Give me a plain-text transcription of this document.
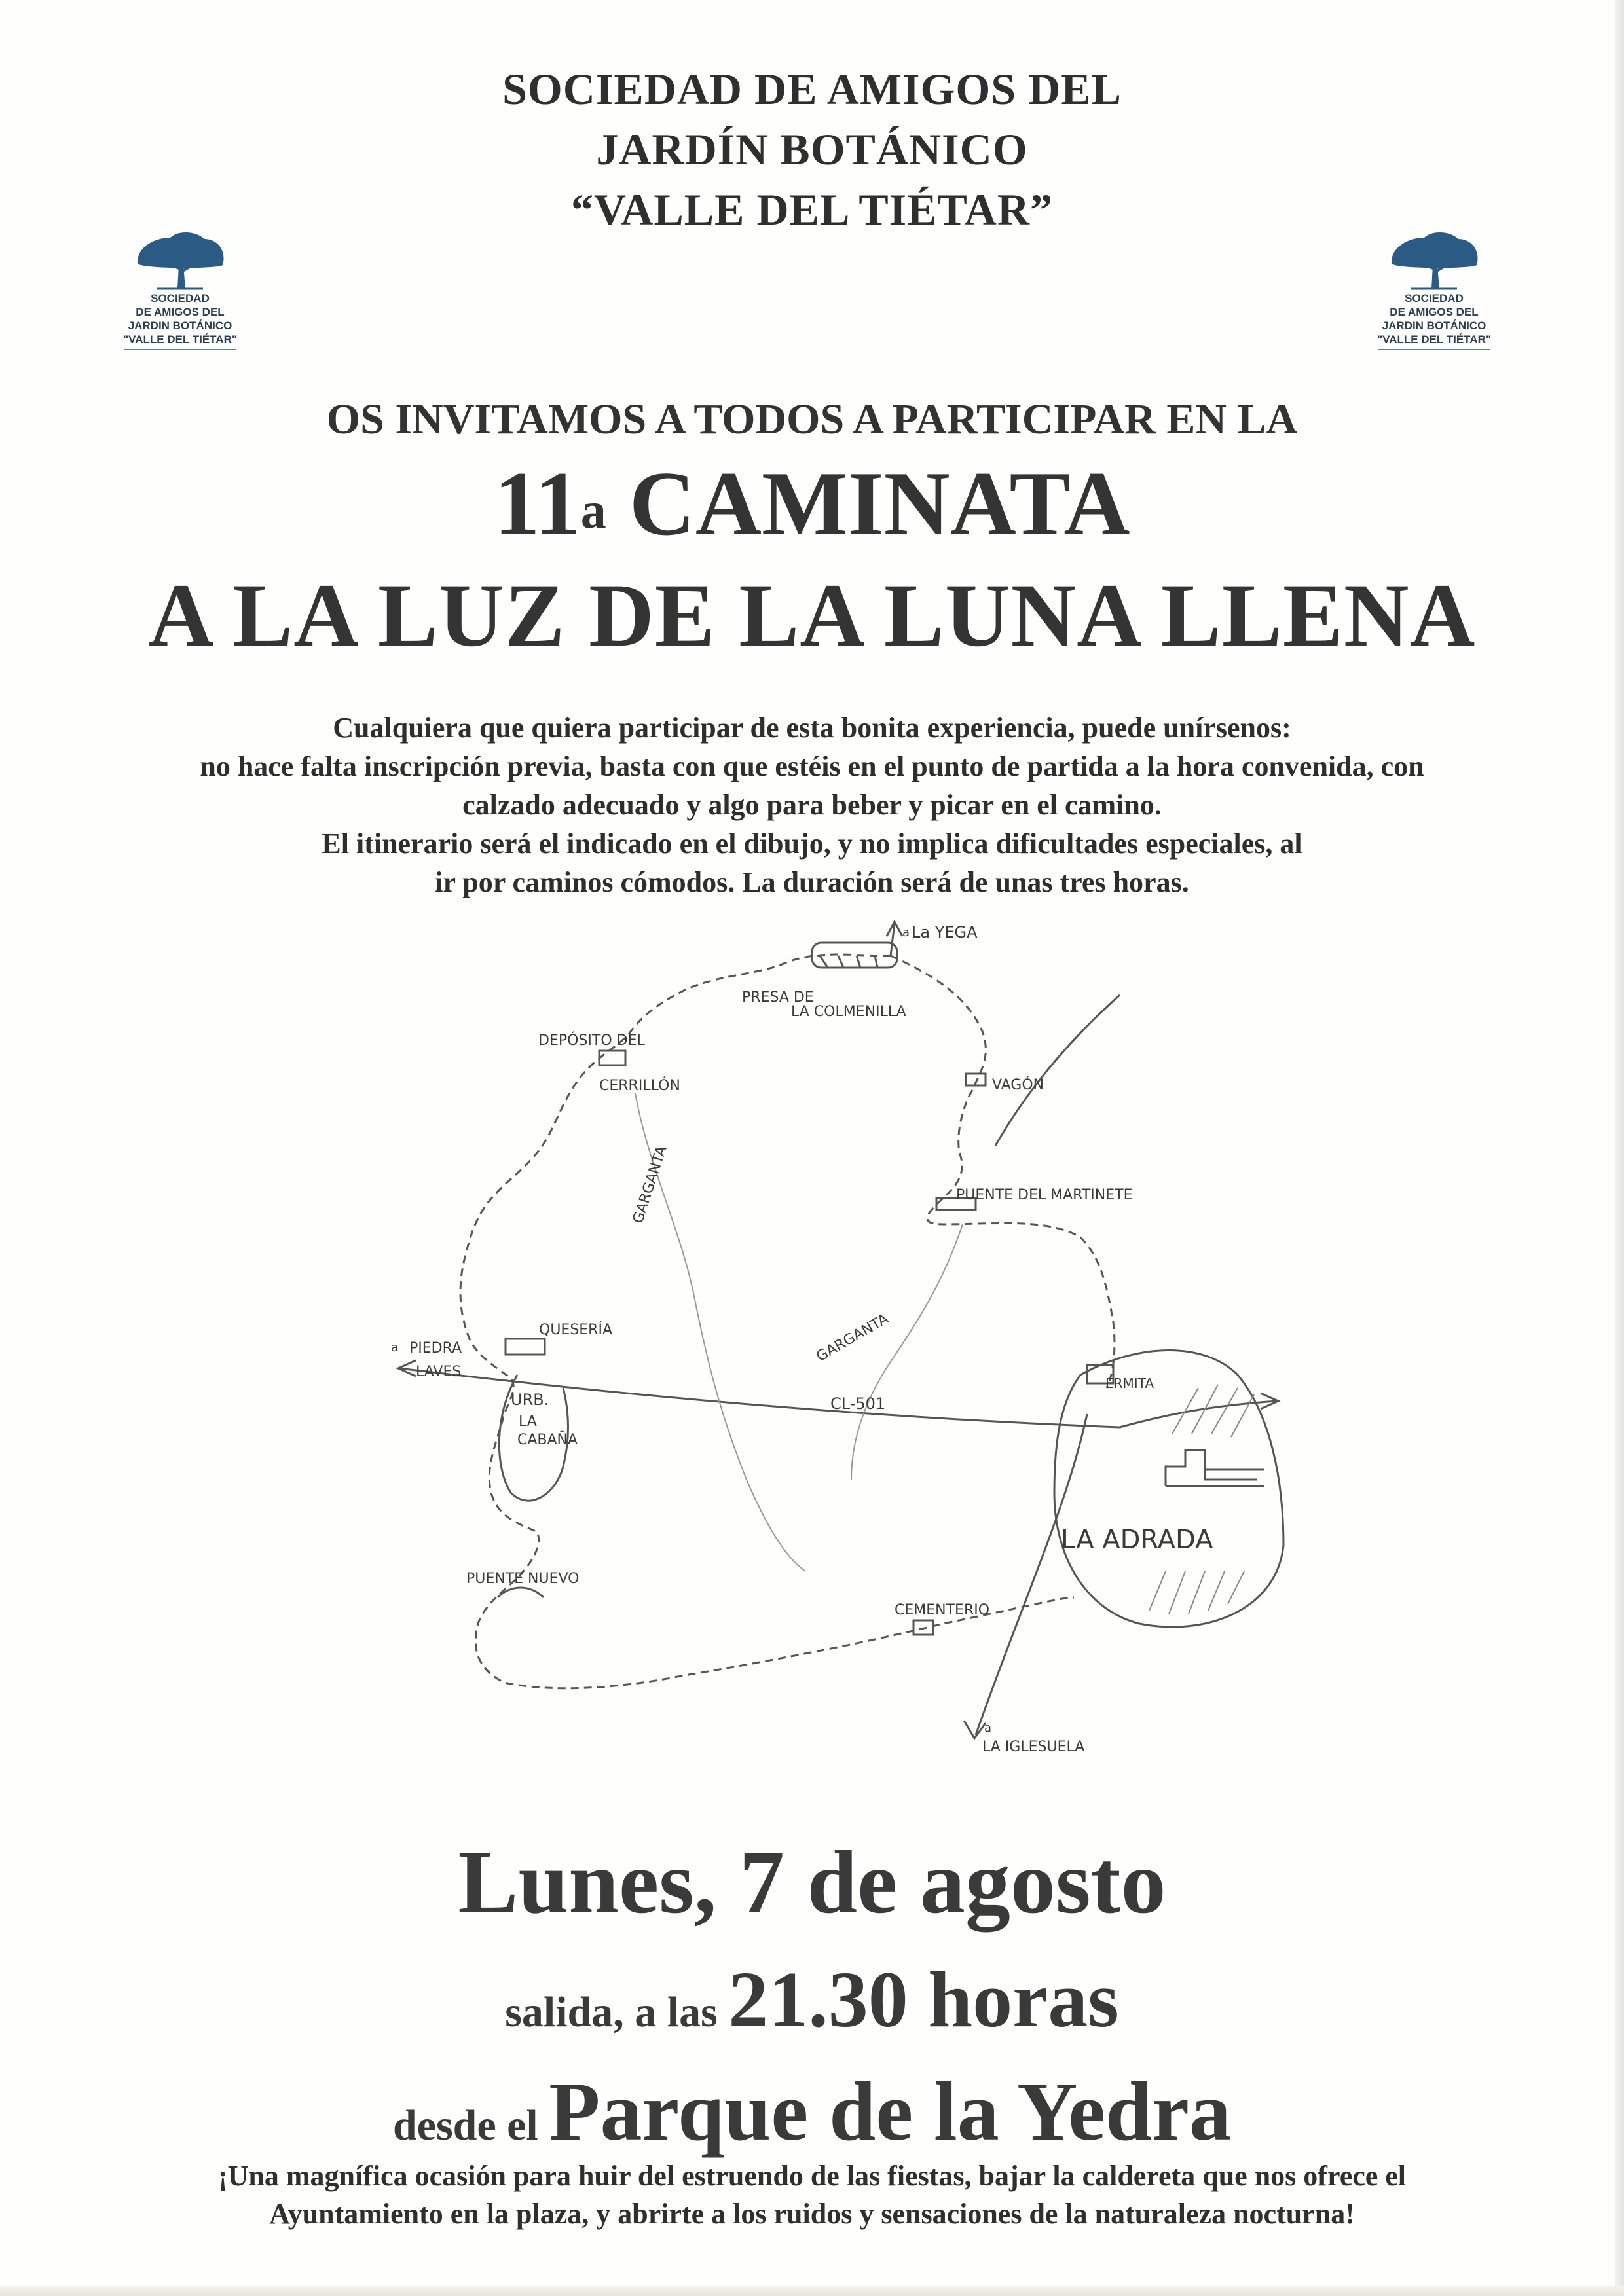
SOCIEDAD DE AMIGOS DEL
JARDÍN BOTÁNICO
“VALLE DEL TIÉTAR”
SOCIEDAD
DE AMIGOS DEL
JARDIN BOTÁNICO
"VALLE DEL TIÉTAR"
SOCIEDAD
DE AMIGOS DEL
JARDIN BOTÁNICO
"VALLE DEL TIÉTAR"
OS INVITAMOS A TODOS A PARTICIPAR EN LA
11$^a$ CAMINATA
A LA LUZ DE LA LUNA LLENA
Cualquiera que quiera participar de esta bonita experiencia, puede unírsenos:
no hace falta inscripción previa, basta con que estéis en el punto de partida a la hora convenida, con
calzado adecuado y algo para beber y picar en el camino.
El itinerario será el indicado en el dibujo, y no implica dificultades especiales, al
ir por caminos cómodos. La duración será de unas tres horas.
a La YEGA
PRESA DE
LA COLMENILLA
DEPÓSITO DEL
CERRILLÓN	VAGÓN
GARGANTA	PUENTE DEL MARTINETE
GARGANTA
QUESERÍA
a PIEDRA
LAVES
URB.
LA
CABAÑA
CL-501
ERMITA
LA ADRADA
PUENTE NUEVO
CEMENTERIO
a
LA IGLESUELA
Lunes, 7 de agosto
salida, a las 21.30 horas
desde el Parque de la Yedra
¡Una magnífica ocasión para huir del estruendo de las fiestas, bajar la caldereta que nos ofrece el
Ayuntamiento en la plaza, y abrirte a los ruidos y sensaciones de la naturaleza nocturna!
